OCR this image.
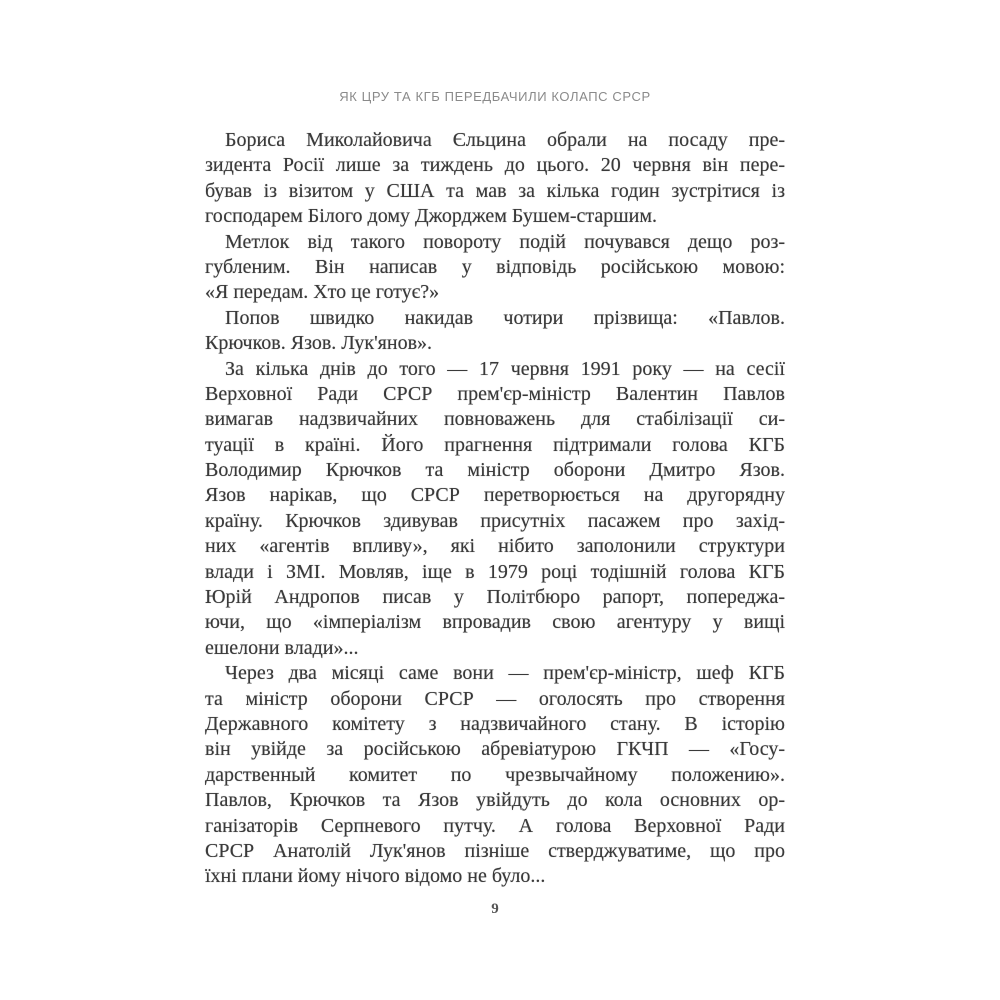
ЯК ЦРУ ТА КГБ ПЕРЕДБАЧИЛИ КОЛАПС СРСР
Бориса Миколайовича Єльцина обрали на посаду пре-
зидента Росії лише за тиждень до цього. 20 червня він пере-
бував із візитом у США та мав за кілька годин зустрітися із
господарем Білого дому Джорджем Бушем-старшим.
Метлок від такого повороту подій почувався дещо роз-
губленим. Він написав у відповідь російською мовою:
«Я передам. Хто це готує?»
Попов швидко накидав чотири прізвища: «Павлов.
Крючков. Язов. Лук'янов».
За кілька днів до того — 17 червня 1991 року — на сесії
Верховної Ради СРСР прем'єр-міністр Валентин Павлов
вимагав надзвичайних повноважень для стабілізації си-
туації в країні. Його прагнення підтримали голова КГБ
Володимир Крючков та міністр оборони Дмитро Язов.
Язов нарікав, що СРСР перетворюється на другорядну
країну. Крючков здивував присутніх пасажем про захід-
них «агентів впливу», які нібито заполонили структури
влади і ЗМІ. Мовляв, іще в 1979 році тодішній голова КГБ
Юрій Андропов писав у Політбюро рапорт, попереджа-
ючи, що «імперіалізм впровадив свою агентуру у вищі
ешелони влади»...
Через два місяці саме вони — прем'єр-міністр, шеф КГБ
та міністр оборони СРСР — оголосять про створення
Державного комітету з надзвичайного стану. В історію
він увійде за російською абревіатурою ГКЧП — «Госу-
дарственный комитет по чрезвычайному положению».
Павлов, Крючков та Язов увійдуть до кола основних ор-
ганізаторів Серпневого путчу. А голова Верховної Ради
СРСР Анатолій Лук'янов пізніше стверджуватиме, що про
їхні плани йому нічого відомо не було...
9
